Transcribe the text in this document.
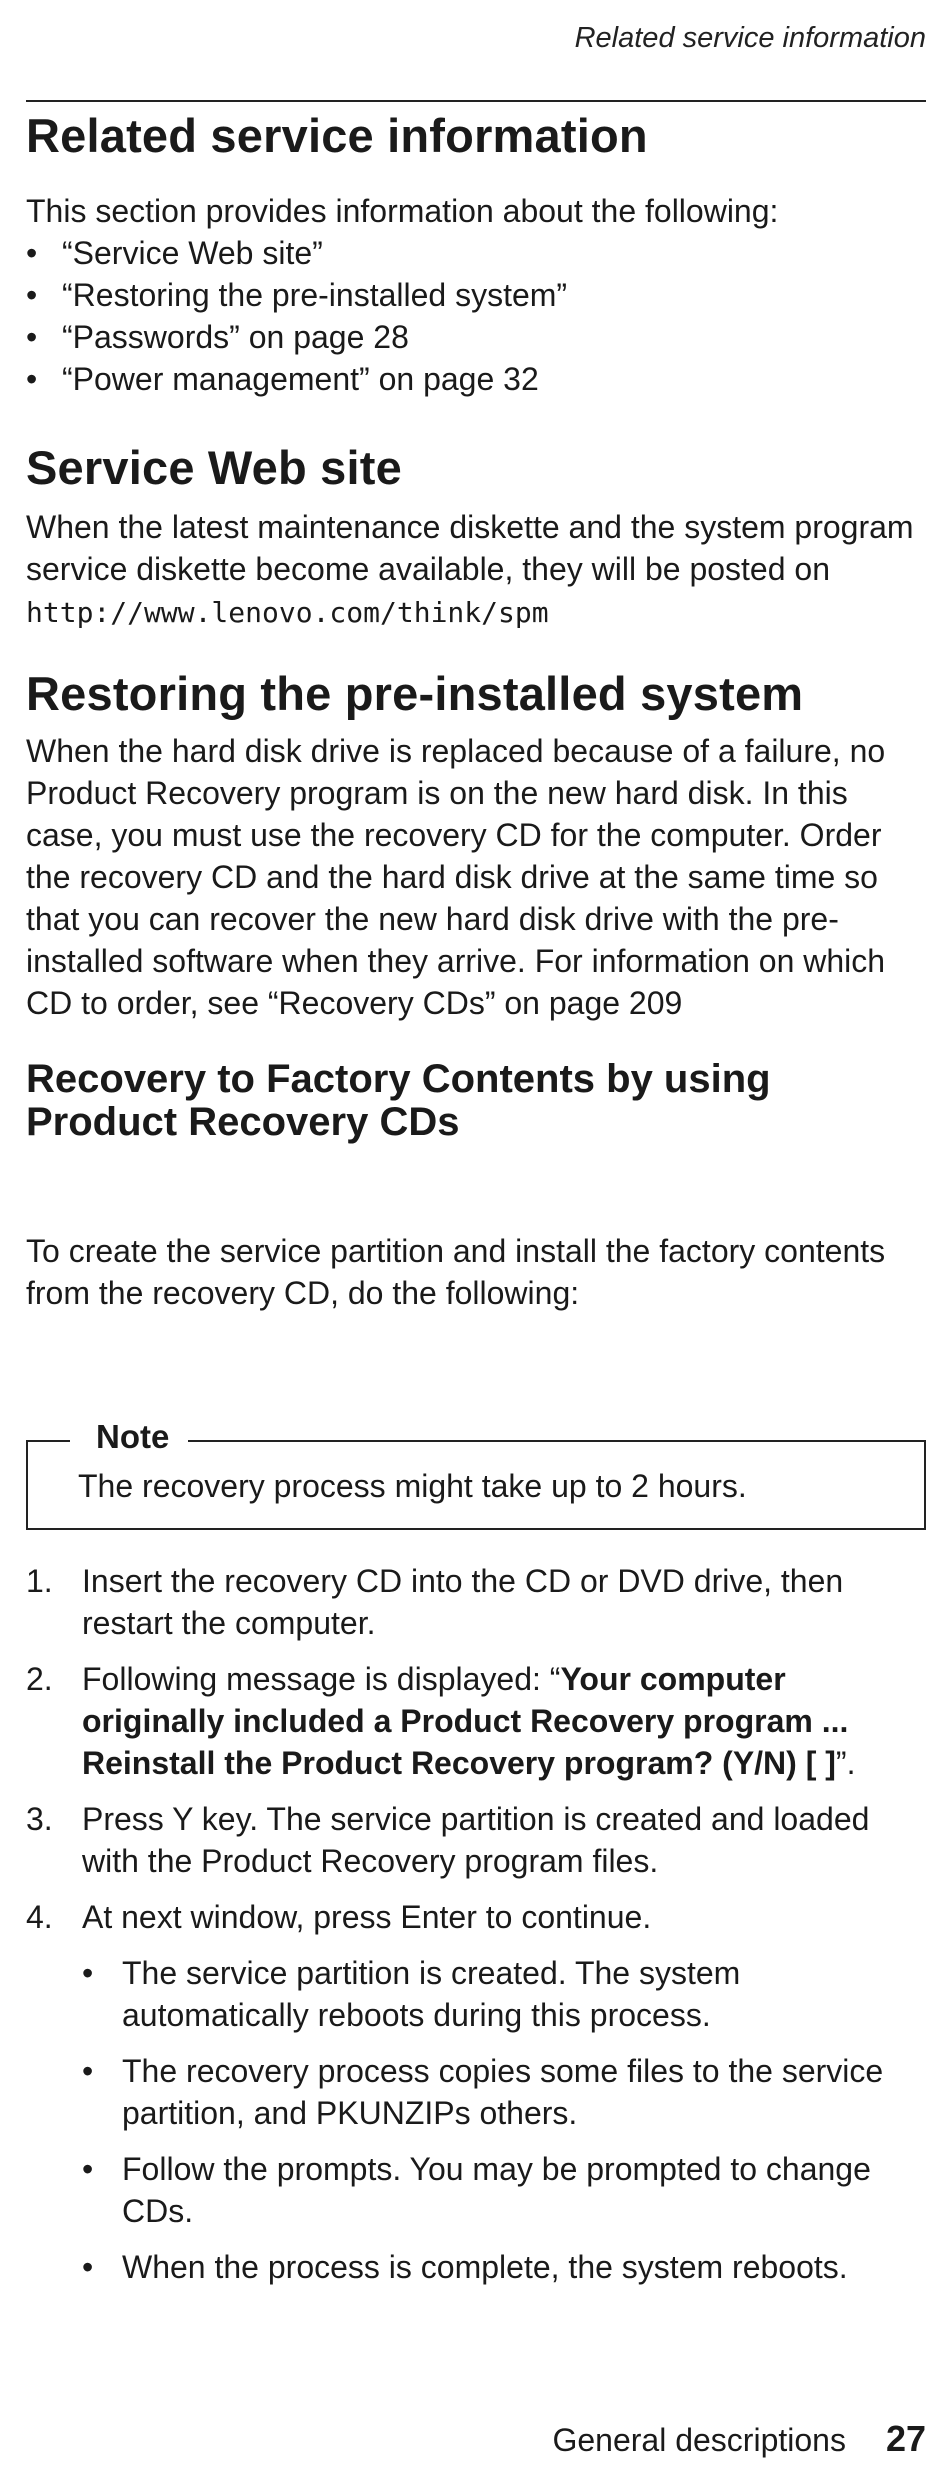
Related service information
Related service information

This section provides information about the following:

• “Service Web site”
• “Restoring the pre-installed system”
• “Passwords” on page 28
• “Power management” on page 32
Service Web site

When the latest maintenance diskette and the system program service diskette become available, they will be posted on http://www.lenovo.com/think/spm

Restoring the pre-installed system

When the hard disk drive is replaced because of a failure, no Product Recovery program is on the new hard disk. In this case, you must use the recovery CD for the computer. Order the recovery CD and the hard disk drive at the same time so that you can recover the new hard disk drive with the pre-installed software when they arrive. For information on which CD to order, see “Recovery CDs” on page 209

Recovery to Factory Contents by using Product Recovery CDs

To create the service partition and install the factory contents from the recovery CD, do the following:

Note
The recovery process might take up to 2 hours.
1. Insert the recovery CD into the CD or DVD drive, then restart the computer.
2. Following message is displayed: “Your computer originally included a Product Recovery program ... Reinstall the Product Recovery program? (Y/N) [ ]”.
3. Press Y key. The service partition is created and loaded with the Product Recovery program files.
4. At next window, press Enter to continue.
• The service partition is created. The system automatically reboots during this process.
• The recovery process copies some files to the service partition, and PKUNZIPs others.
• Follow the prompts. You may be prompted to change CDs.
• When the process is complete, the system reboots.
General descriptions 27
